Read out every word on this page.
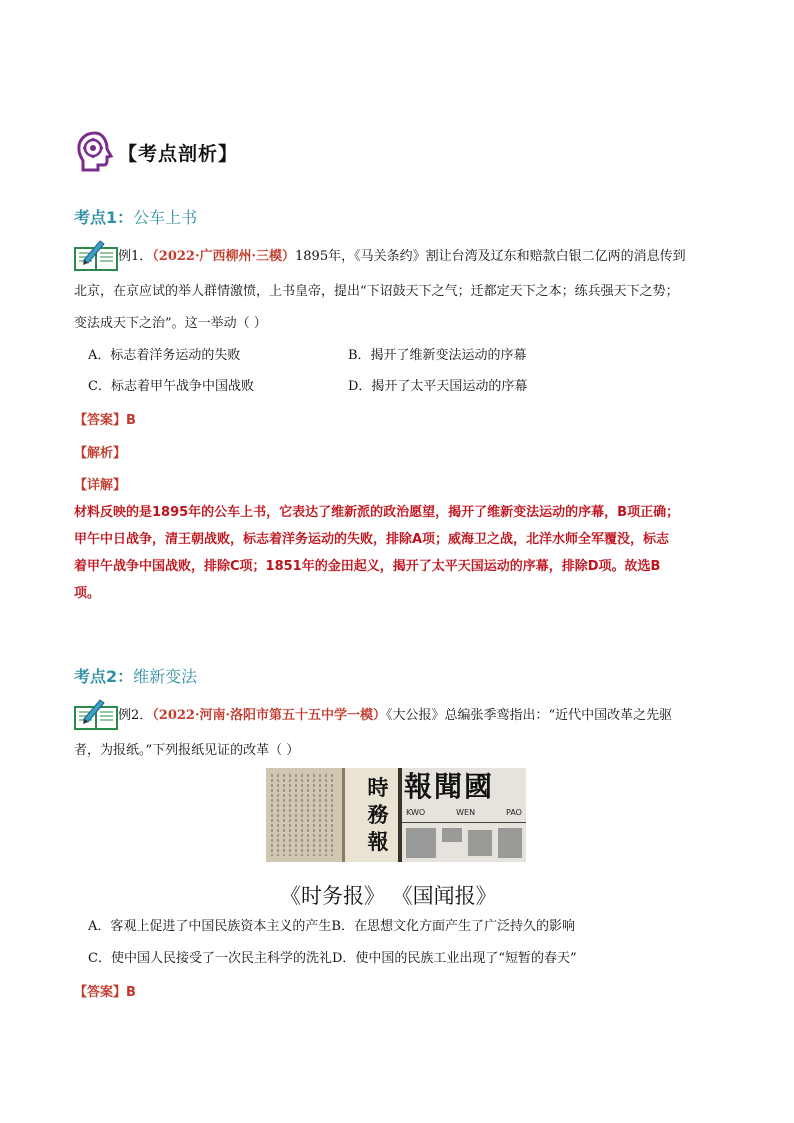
【考点剖析】
考点1：公车上书
例1．（2022·广西柳州·三模）1895年，《马关条约》割让台湾及辽东和赔款白银二亿两的消息传到
北京，在京应试的举人群情激愤，上书皇帝，提出“下诏鼓天下之气；迁都定天下之本；练兵强天下之势；
变法成天下之治”。这一举动（ ）
A．标志着洋务运动的失败	B．揭开了维新变法运动的序幕
C．标志着甲午战争中国战败	D．揭开了太平天国运动的序幕
【答案】B
【解析】
【详解】
材料反映的是1895年的公车上书，它表达了维新派的政治愿望，揭开了维新变法运动的序幕，B项正确；
甲午中日战争，清王朝战败，标志着洋务运动的失败，排除A项；威海卫之战，北洋水师全军覆没，标志
着甲午战争中国战败，排除C项；1851年的金田起义，揭开了太平天国运动的序幕，排除D项。故选B
项。
考点2：维新变法
例2．（2022·河南·洛阳市第五十五中学一模）《大公报》总编张季鸾指出：“近代中国改革之先驱
者，为报纸。”下列报纸见证的改革（ ）
時務報
報聞國
KWO	WEN	PAO
《时务报》 《国闻报》
A．客观上促进了中国民族资本主义的产生B．在思想文化方面产生了广泛持久的影响
C．使中国人民接受了一次民主科学的洗礼D．使中国的民族工业出现了“短暂的春天”
【答案】B
